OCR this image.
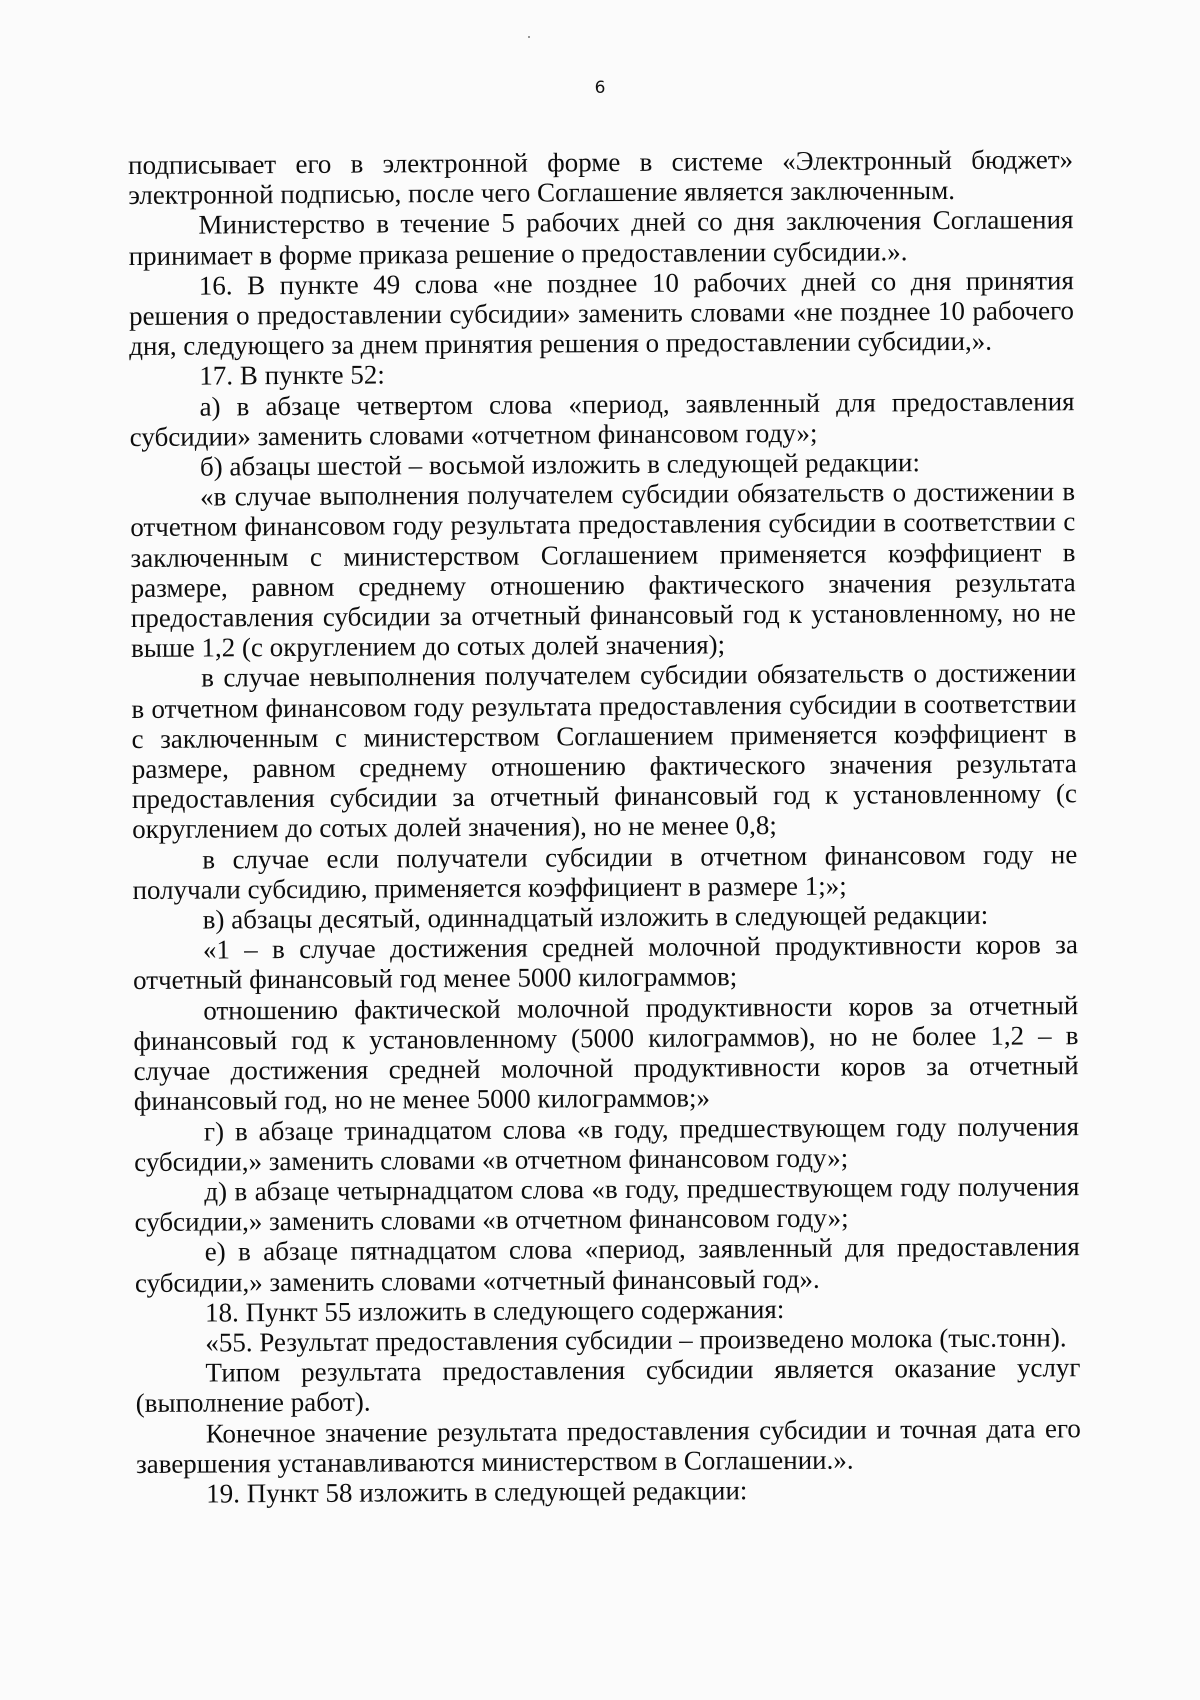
6

подписывает его в электронной форме в системе «Электронный бюджет» электронной подписью, после чего Соглашение является заключенным.

Министерство в течение 5 рабочих дней со дня заключения Соглашения принимает в форме приказа решение о предоставлении субсидии.».

16. В пункте 49 слова «не позднее 10 рабочих дней со дня принятия решения о предоставлении субсидии» заменить словами «не позднее 10 рабочего дня, следующего за днем принятия решения о предоставлении субсидии,».

17. В пункте 52:

а) в абзаце четвертом слова «период, заявленный для предоставления субсидии» заменить словами «отчетном финансовом году»;

б) абзацы шестой – восьмой изложить в следующей редакции:

«в случае выполнения получателем субсидии обязательств о достижении в отчетном финансовом году результата предоставления субсидии в соответствии с заключенным с министерством Соглашением применяется коэффициент в размере, равном среднему отношению фактического значения результата предоставления субсидии за отчетный финансовый год к установленному, но не выше 1,2 (с округлением до сотых долей значения);

в случае невыполнения получателем субсидии обязательств о достижении в отчетном финансовом году результата предоставления субсидии в соответствии с заключенным с министерством Соглашением применяется коэффициент в размере, равном среднему отношению фактического значения результата предоставления субсидии за отчетный финансовый год к установленному (с округлением до сотых долей значения), но не менее 0,8;

в случае если получатели субсидии в отчетном финансовом году не получали субсидию, применяется коэффициент в размере 1;»;

в) абзацы десятый, одиннадцатый изложить в следующей редакции:

«1 – в случае достижения средней молочной продуктивности коров за отчетный финансовый год менее 5000 килограммов;

отношению фактической молочной продуктивности коров за отчетный финансовый год к установленному (5000 килограммов), но не более 1,2 – в случае достижения средней молочной продуктивности коров за отчетный финансовый год, но не менее 5000 килограммов;»

г) в абзаце тринадцатом слова «в году, предшествующем году получения субсидии,» заменить словами «в отчетном финансовом году»;

д) в абзаце четырнадцатом слова «в году, предшествующем году получения субсидии,» заменить словами «в отчетном финансовом году»;

е) в абзаце пятнадцатом слова «период, заявленный для предоставления субсидии,» заменить словами «отчетный финансовый год».

18. Пункт 55 изложить в следующего содержания:

«55. Результат предоставления субсидии – произведено молока (тыс.тонн).

Типом результата предоставления субсидии является оказание услуг (выполнение работ).

Конечное значение результата предоставления субсидии и точная дата его завершения устанавливаются министерством в Соглашении.».

19. Пункт 58 изложить в следующей редакции:
